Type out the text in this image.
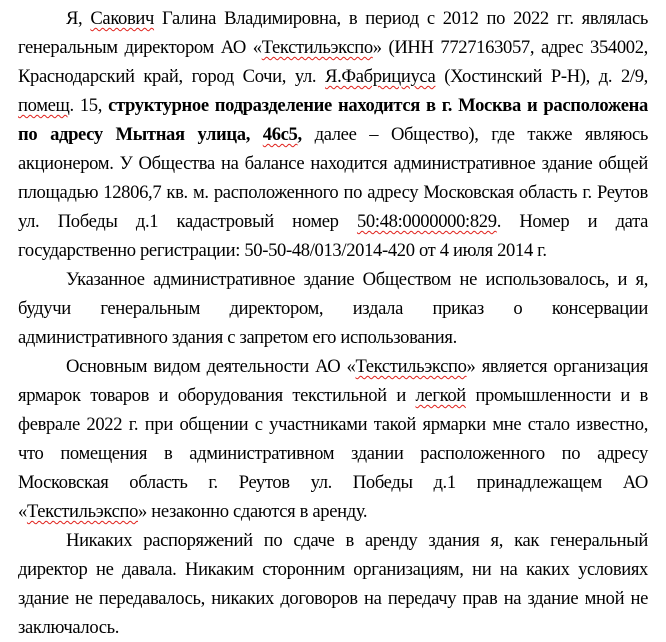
Я, Сакович Галина Владимировна, в период с 2012 по 2022 гг. являлась генеральным директором АО «Текстильэкспо» (ИНН 7727163057, адрес 354002, Краснодарский край, город Сочи, ул. Я.Фабрициуса (Хостинский Р-Н), д. 2/9, помещ. 15, структурное подразделение находится в г. Москва и расположена по адресу Мытная улица, 46с5, далее – Общество), где также являюсь акционером. У Общества на балансе находится административное здание общей площадью 12806,7 кв. м. расположенного по адресу Московская область г. Реутов ул. Победы д.1 кадастровый номер 50:48:0000000:829. Номер и дата государственно регистрации: 50-50-48/013/2014-420 от 4 июля 2014 г.

Указанное административное здание Обществом не использовалось, и я, будучи генеральным директором, издала приказ о консервации административного здания с запретом его использования.

Основным видом деятельности АО «Текстильэкспо» является организация ярмарок товаров и оборудования текстильной и легкой промышленности и в феврале 2022 г. при общении с участниками такой ярмарки мне стало известно, что помещения в административном здании расположенного по адресу Московская область г. Реутов ул. Победы д.1 принадлежащем АО «Текстильэкспо» незаконно сдаются в аренду.

Никаких распоряжений по сдаче в аренду здания я, как генеральный директор не давала. Никаким сторонним организациям, ни на каких условиях здание не передавалось, никаких договоров на передачу прав на здание мной не заключалось.
